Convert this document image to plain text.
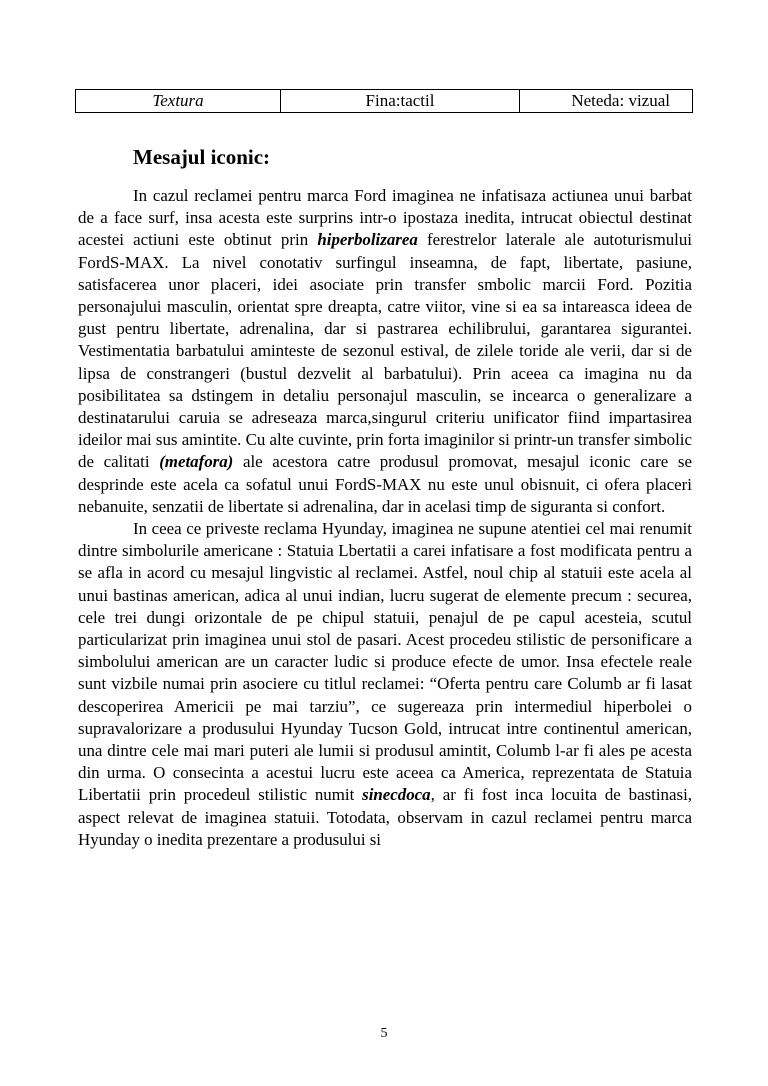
Textura	Fina:tactil	Neteda: vizual
Mesajul iconic:

In cazul reclamei pentru marca Ford imaginea ne infatisaza actiunea unui barbat de a face surf, insa acesta este surprins intr-o ipostaza inedita, intrucat obiectul destinat acestei actiuni este obtinut prin hiperbolizarea ferestrelor laterale ale autoturismului FordS-MAX. La nivel conotativ surfingul inseamna, de fapt, libertate, pasiune, satisfacerea unor placeri, idei asociate prin transfer smbolic marcii Ford. Pozitia personajului masculin, orientat spre dreapta, catre viitor, vine si ea sa intareasca ideea de gust pentru libertate, adrenalina, dar si pastrarea echilibrului, garantarea sigurantei. Vestimentatia barbatului aminteste de sezonul estival, de zilele toride ale verii, dar si de lipsa de constrangeri (bustul dezvelit al barbatului). Prin aceea ca imagina nu da posibilitatea sa dstingem in detaliu personajul masculin, se incearca o generalizare a destinatarului caruia se adreseaza marca,singurul criteriu unificator fiind impartasirea ideilor mai sus amintite. Cu alte cuvinte, prin forta imaginilor si printr-un transfer simbolic de calitati (metafora) ale acestora catre produsul promovat, mesajul iconic care se desprinde este acela ca sofatul unui FordS-MAX nu este unul obisnuit, ci ofera placeri nebanuite, senzatii de libertate si adrenalina, dar in acelasi timp de siguranta si confort.

In ceea ce priveste reclama Hyunday, imaginea ne supune atentiei cel mai renumit dintre simbolurile americane : Statuia Lbertatii a carei infatisare a fost modificata pentru a se afla in acord cu mesajul lingvistic al reclamei. Astfel, noul chip al statuii este acela al unui bastinas american, adica al unui indian, lucru sugerat de elemente precum : securea, cele trei dungi orizontale de pe chipul statuii, penajul de pe capul acesteia, scutul particularizat prin imaginea unui stol de pasari. Acest procedeu stilistic de personificare a simbolului american are un caracter ludic si produce efecte de umor. Insa efectele reale sunt vizbile numai prin asociere cu titlul reclamei: “Oferta pentru care Columb ar fi lasat descoperirea Americii pe mai tarziu”, ce sugereaza prin intermediul hiperbolei o supravalorizare a produsului Hyunday Tucson Gold, intrucat intre continentul american, una dintre cele mai mari puteri ale lumii si produsul amintit, Columb l-ar fi ales pe acesta din urma. O consecinta a acestui lucru este aceea ca America, reprezentata de Statuia Libertatii prin procedeul stilistic numit sinecdoca, ar fi fost inca locuita de bastinasi, aspect relevat de imaginea statuii. Totodata, observam in cazul reclamei pentru marca Hyunday o inedita prezentare a produsului si

5
